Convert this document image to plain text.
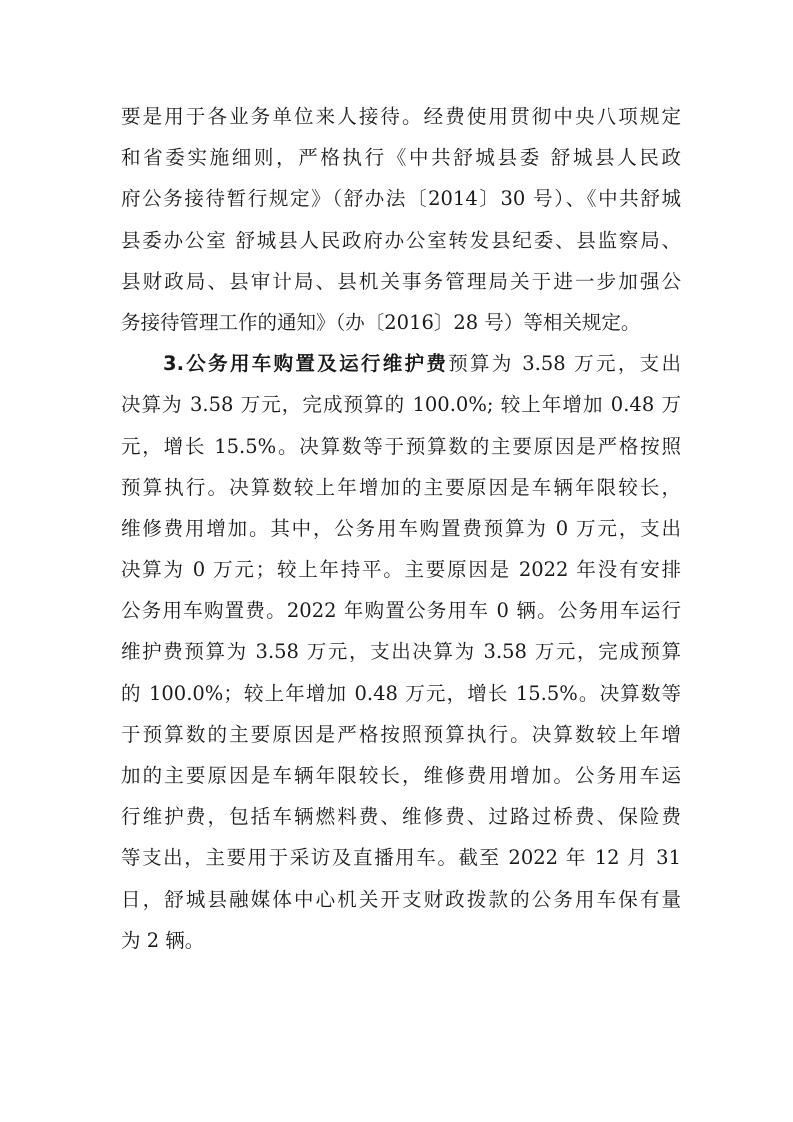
要是用于各业务单位来人接待。经费使用贯彻中央八项规定
和省委实施细则，严格执行《中共舒城县委 舒城县人民政
府公务接待暂行规定》（舒办法〔2014〕30 号）、《中共舒城
县委办公室 舒城县人民政府办公室转发县纪委、县监察局、
县财政局、县审计局、县机关事务管理局关于进一步加强公
务接待管理工作的通知》（办〔2016〕28 号）等相关规定。
3.公务用车购置及运行维护费预算为 3.58 万元，支出
决算为 3.58 万元，完成预算的 100.0%; 较上年增加 0.48 万
元，增长 15.5%。决算数等于预算数的主要原因是严格按照
预算执行。决算数较上年增加的主要原因是车辆年限较长，
维修费用增加。其中，公务用车购置费预算为 0 万元，支出
决算为 0 万元；较上年持平。主要原因是 2022 年没有安排
公务用车购置费。2022 年购置公务用车 0 辆。公务用车运行
维护费预算为 3.58 万元，支出决算为 3.58 万元，完成预算
的 100.0%；较上年增加 0.48 万元，增长 15.5%。决算数等
于预算数的主要原因是严格按照预算执行。决算数较上年增
加的主要原因是车辆年限较长，维修费用增加。公务用车运
行维护费，包括车辆燃料费、维修费、过路过桥费、保险费
等支出，主要用于采访及直播用车。截至 2022 年 12 月 31
日，舒城县融媒体中心机关开支财政拨款的公务用车保有量
为 2 辆。
